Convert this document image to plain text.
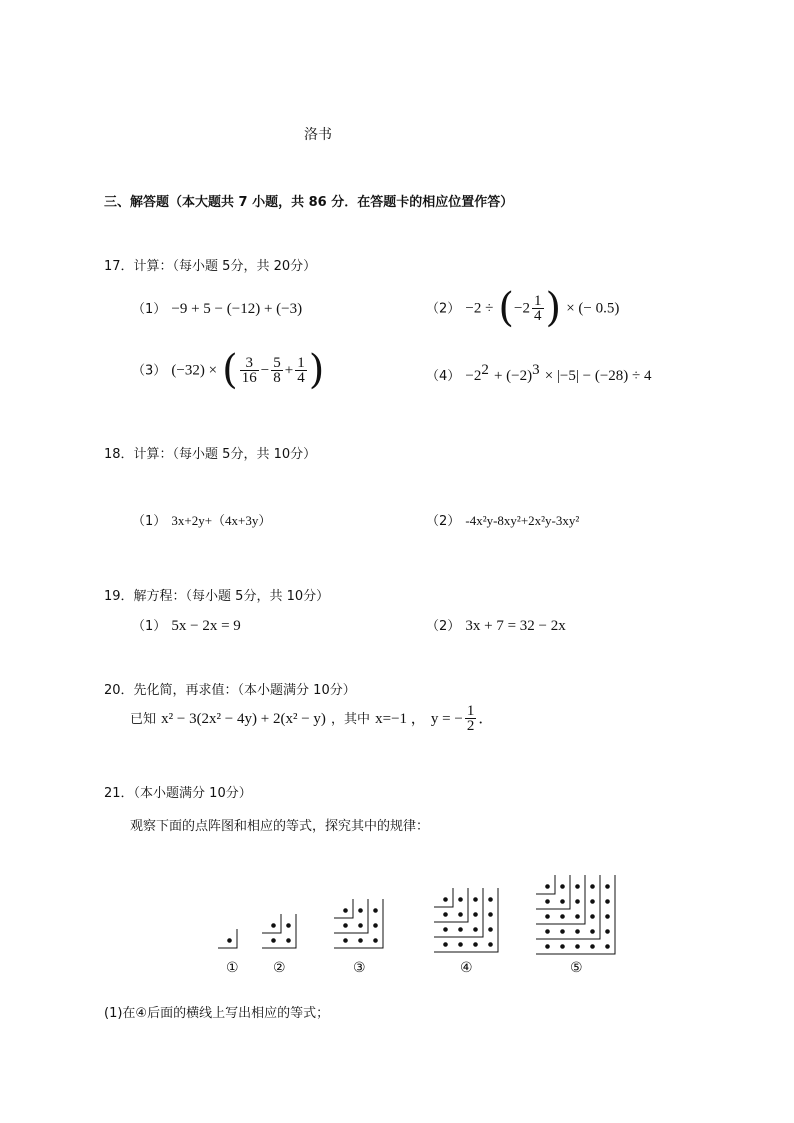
洛书
三、解答题（本大题共 7 小题，共 86 分．在答题卡的相应位置作答）
17．计算：（每小题 5分，共 20分）
（1） −9 + 5 − (−12) + (−3)	$(2) -2 \div (-2 \frac{1}{4}$ ) × (− 0.5)
（3） (−32) × ( $\frac{3}{16} - \frac{5}{8} + \frac{1}{4}$ )	$(4) -2^2 + (-2)^3 \times |-5| - (-28) \div 4$
18．计算：（每小题 5分，共 10分）
（1） 3x+2y+（4x+3y）	（2） -4x²y-8xy²+2x²y-3xy²
19．解方程：（每小题 5分，共 10分）
（1） 5x − 2x = 9	（2） 3x + 7 = 32 − 2x
20．先化简，再求值：（本小题满分 10分）
已知 x² − 3(2x² − 4y) + 2(x² − y) ，其中 x=−1 ， y = − $\frac{1}{2}$ ．
21．（本小题满分 10分）
观察下面的点阵图和相应的等式，探究其中的规律：
① ②	③	④	⑤
(1)在④后面的横线上写出相应的等式；
